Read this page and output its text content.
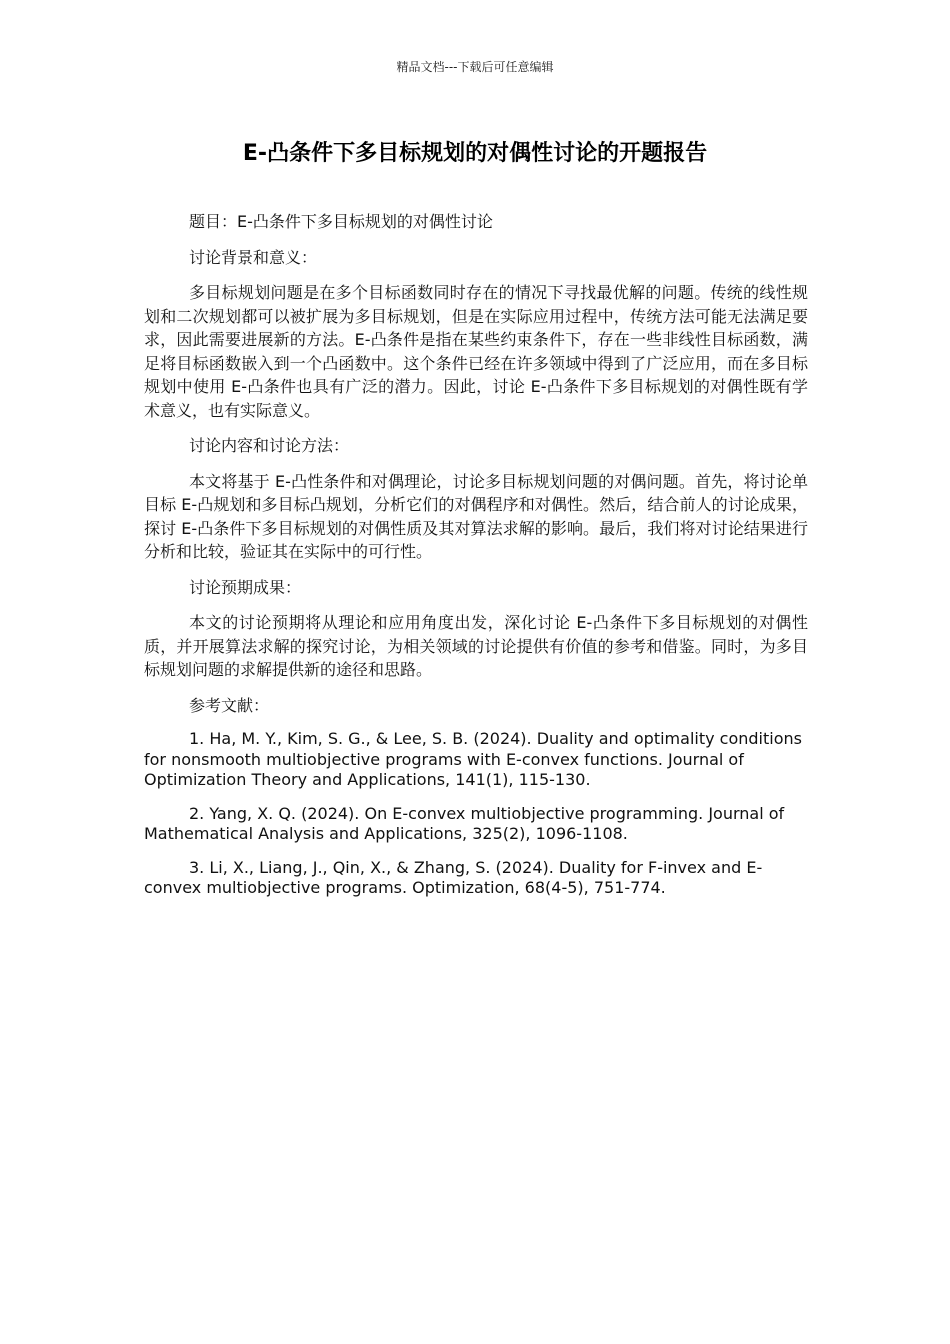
精品文档---下载后可任意编辑
E-凸条件下多目标规划的对偶性讨论的开题报告

题目：E-凸条件下多目标规划的对偶性讨论

讨论背景和意义：

多目标规划问题是在多个目标函数同时存在的情况下寻找最优解的问题。传统的线性规划和二次规划都可以被扩展为多目标规划，但是在实际应用过程中，传统方法可能无法满足要求，因此需要进展新的方法。E-凸条件是指在某些约束条件下，存在一些非线性目标函数，满足将目标函数嵌入到一个凸函数中。这个条件已经在许多领域中得到了广泛应用，而在多目标规划中使用 E-凸条件也具有广泛的潜力。因此，讨论 E-凸条件下多目标规划的对偶性既有学术意义，也有实际意义。

讨论内容和讨论方法：

本文将基于 E-凸性条件和对偶理论，讨论多目标规划问题的对偶问题。首先，将讨论单目标 E-凸规划和多目标凸规划，分析它们的对偶程序和对偶性。然后，结合前人的讨论成果，探讨 E-凸条件下多目标规划的对偶性质及其对算法求解的影响。最后，我们将对讨论结果进行分析和比较，验证其在实际中的可行性。

讨论预期成果：

本文的讨论预期将从理论和应用角度出发，深化讨论 E-凸条件下多目标规划的对偶性质，并开展算法求解的探究讨论，为相关领域的讨论提供有价值的参考和借鉴。同时，为多目标规划问题的求解提供新的途径和思路。

参考文献：

1. Ha, M. Y., Kim, S. G., & Lee, S. B. (2024). Duality and optimality conditions for nonsmooth multiobjective programs with E-convex functions. Journal of Optimization Theory and Applications, 141(1), 115-130.

2. Yang, X. Q. (2024). On E-convex multiobjective programming. Journal of Mathematical Analysis and Applications, 325(2), 1096-1108.

3. Li, X., Liang, J., Qin, X., & Zhang, S. (2024). Duality for F-invex and E-convex multiobjective programs. Optimization, 68(4-5), 751-774.
